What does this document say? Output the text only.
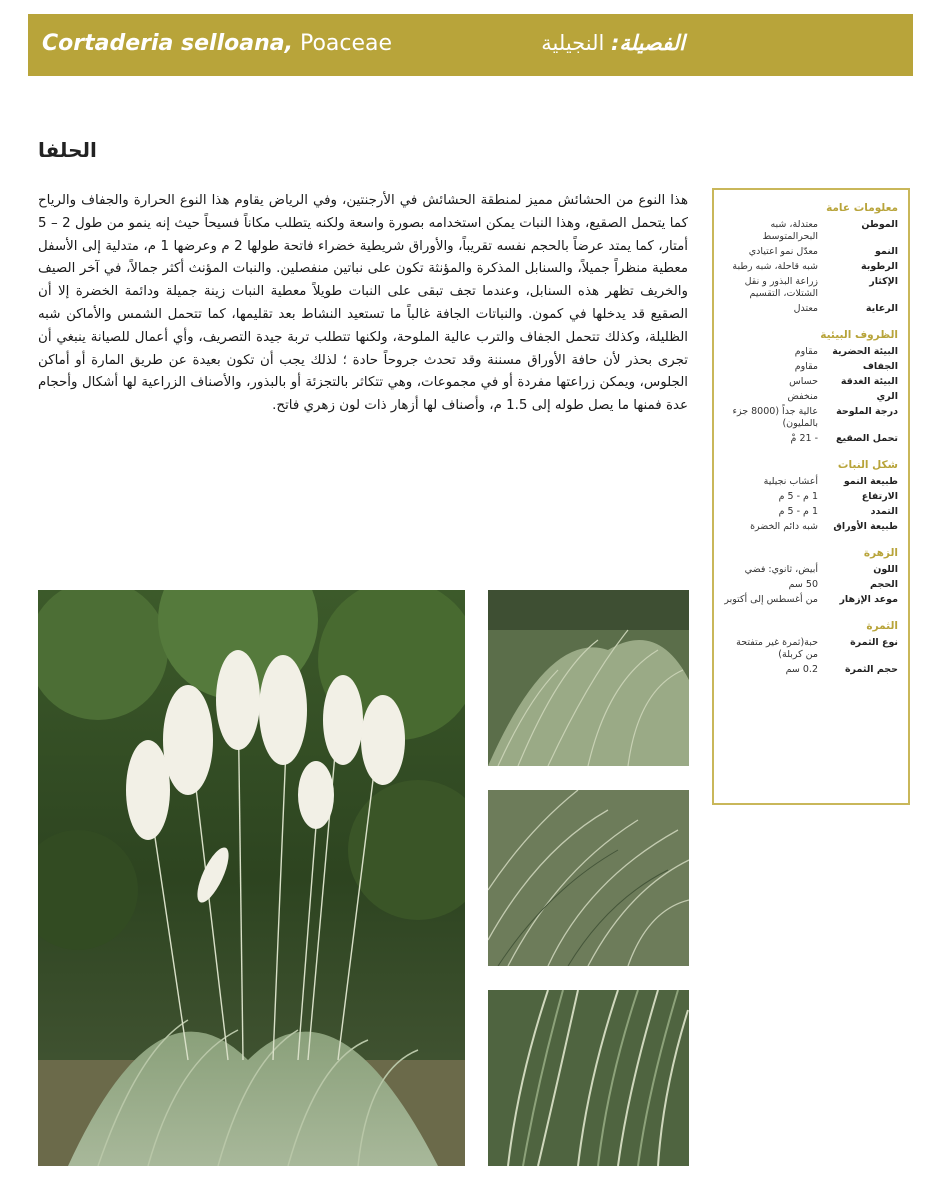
Cortaderia selloana, Poaceae	الفصيلة: النجيلية
الحلفا
هذا النوع من الحشائش مميز لمنطقة الحشائش في الأرجنتين، وفي الرياض يقاوم هذا النوع الحرارة والجفاف والرياح كما يتحمل الصقيع، وهذا النبات يمكن استخدامه بصورة واسعة ولكنه يتطلب مكاناً فسيحاً حيث إنه ينمو من طول 2 – 5 أمتار، كما يمتد عرضاً بالحجم نفسه تقريباً، والأوراق شريطية خضراء فاتحة طولها 2 م وعرضها 1 م، متدلية إلى الأسفل معطية منظراً جميلاً، والسنابل المذكرة والمؤنثة تكون على نباتين منفصلين. والنبات المؤنث أكثر جمالاً، في آخر الصيف والخريف تظهر هذه السنابل، وعندما تجف تبقى على النبات طويلاً معطية النبات زينة جميلة ودائمة الخضرة إلا أن الصقيع قد يدخلها في كمون. والنباتات الجافة غالباً ما تستعيد النشاط بعد تقليمها، كما تتحمل الشمس والأماكن شبه الظليلة، وكذلك تتحمل الجفاف والترب عالية الملوحة، ولكنها تتطلب تربة جيدة التصريف، وأي أعمال للصيانة ينبغي أن تجرى بحذر لأن حافة الأوراق مسننة وقد تحدث جروحاً حادة ؛ لذلك يجب أن تكون بعيدة عن طريق المارة أو أماكن الجلوس، ويمكن زراعتها مفردة أو في مجموعات، وهي تتكاثر بالتجزئة أو بالبذور، والأصناف الزراعية لها أشكال وأحجام عدة فمنها ما يصل طوله إلى 1.5 م، وأصناف لها أزهار ذات لون زهري فاتح.
معلومات عامة
الموطن
معتدلة، شبه البحرالمتوسط
النمو
معدّل نمو اعتيادي
الرطوبة
شبه قاحلة، شبه رطبة
الإكثار
زراعة البذور و نقل الشتلات، التقسيم
الرعاية
معتدل
الظروف البيئية
البيئة الحضرية
مقاوم
الجفاف
مقاوم
البيئة الغدقة
حساس
الري
منخفض
درجة الملوحة
عالية جداً (8000 جزء بالمليون)
تحمل الصقيع
- 21 مْ
شكل النبات
طبيعة النمو
أعشاب نجيلية
الارتفاع
1 م - 5 م
التمدد
1 م - 5 م
طبيعة الأوراق
شبه دائم الخضرة
الزهرة
اللون
أبيض، ثانوي: فضي
الحجم
50 سم
موعد الإزهار
من أغسطس إلى أكتوبر
الثمرة
نوع الثمرة
حبة(ثمرة غير متفتحة من كربلة)
حجم الثمرة
0.2 سم
